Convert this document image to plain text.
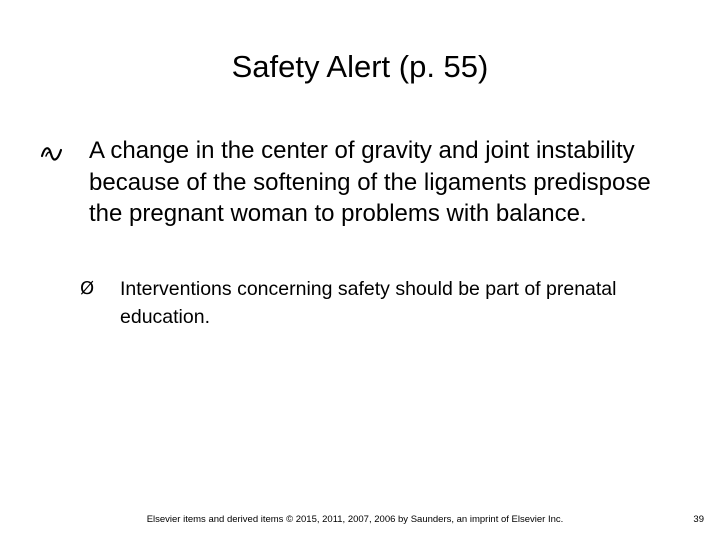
Safety Alert (p. 55)
A change in the center of gravity and joint instability because of the softening of the ligaments predispose the pregnant woman to problems with balance.
Ø Interventions concerning safety should be part of prenatal education.
Elsevier items and derived items © 2015, 2011, 2007, 2006 by Saunders, an imprint of Elsevier Inc.	39
